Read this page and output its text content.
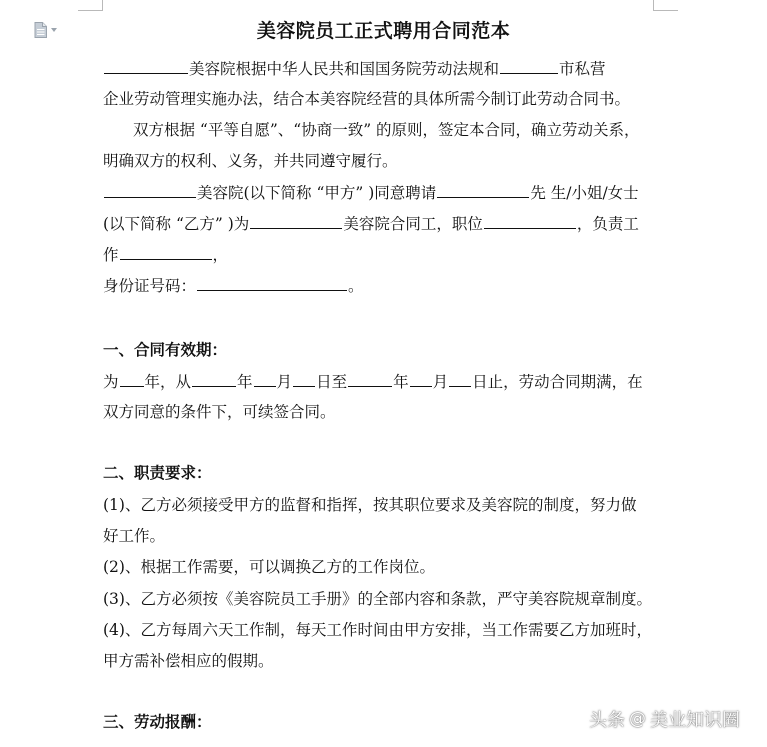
美容院员工正式聘用合同范本
美容院根据中华人民共和国国务院劳动法规和	市私营
企业劳动管理实施办法，结合本美容院经营的具体所需今制订此劳动合同书。
双方根据 “平等自愿”、“协商一致” 的原则，签定本合同，确立劳动关系，
明确双方的权利、义务，并共同遵守履行。
美容院(以下简称 “甲方” )同意聘请	先 生/小姐/女士
(以下简称 “乙方” )为	美容院合同工，职位	，负责工
作	，
身份证号码：	。
一、合同有效期：
为 年，从	年 月 日至	年 月 日止，劳动合同期满，在
双方同意的条件下，可续签合同。
二、职责要求：
(1)、乙方必须接受甲方的监督和指挥，按其职位要求及美容院的制度，努力做
好工作。
(2)、根据工作需要，可以调换乙方的工作岗位。
(3)、乙方必须按《美容院员工手册》的全部内容和条款，严守美容院规章制度。
(4)、乙方每周六天工作制，每天工作时间由甲方安排，当工作需要乙方加班时，
甲方需补偿相应的假期。
三、劳动报酬：	头条 @ 美业知识圈
